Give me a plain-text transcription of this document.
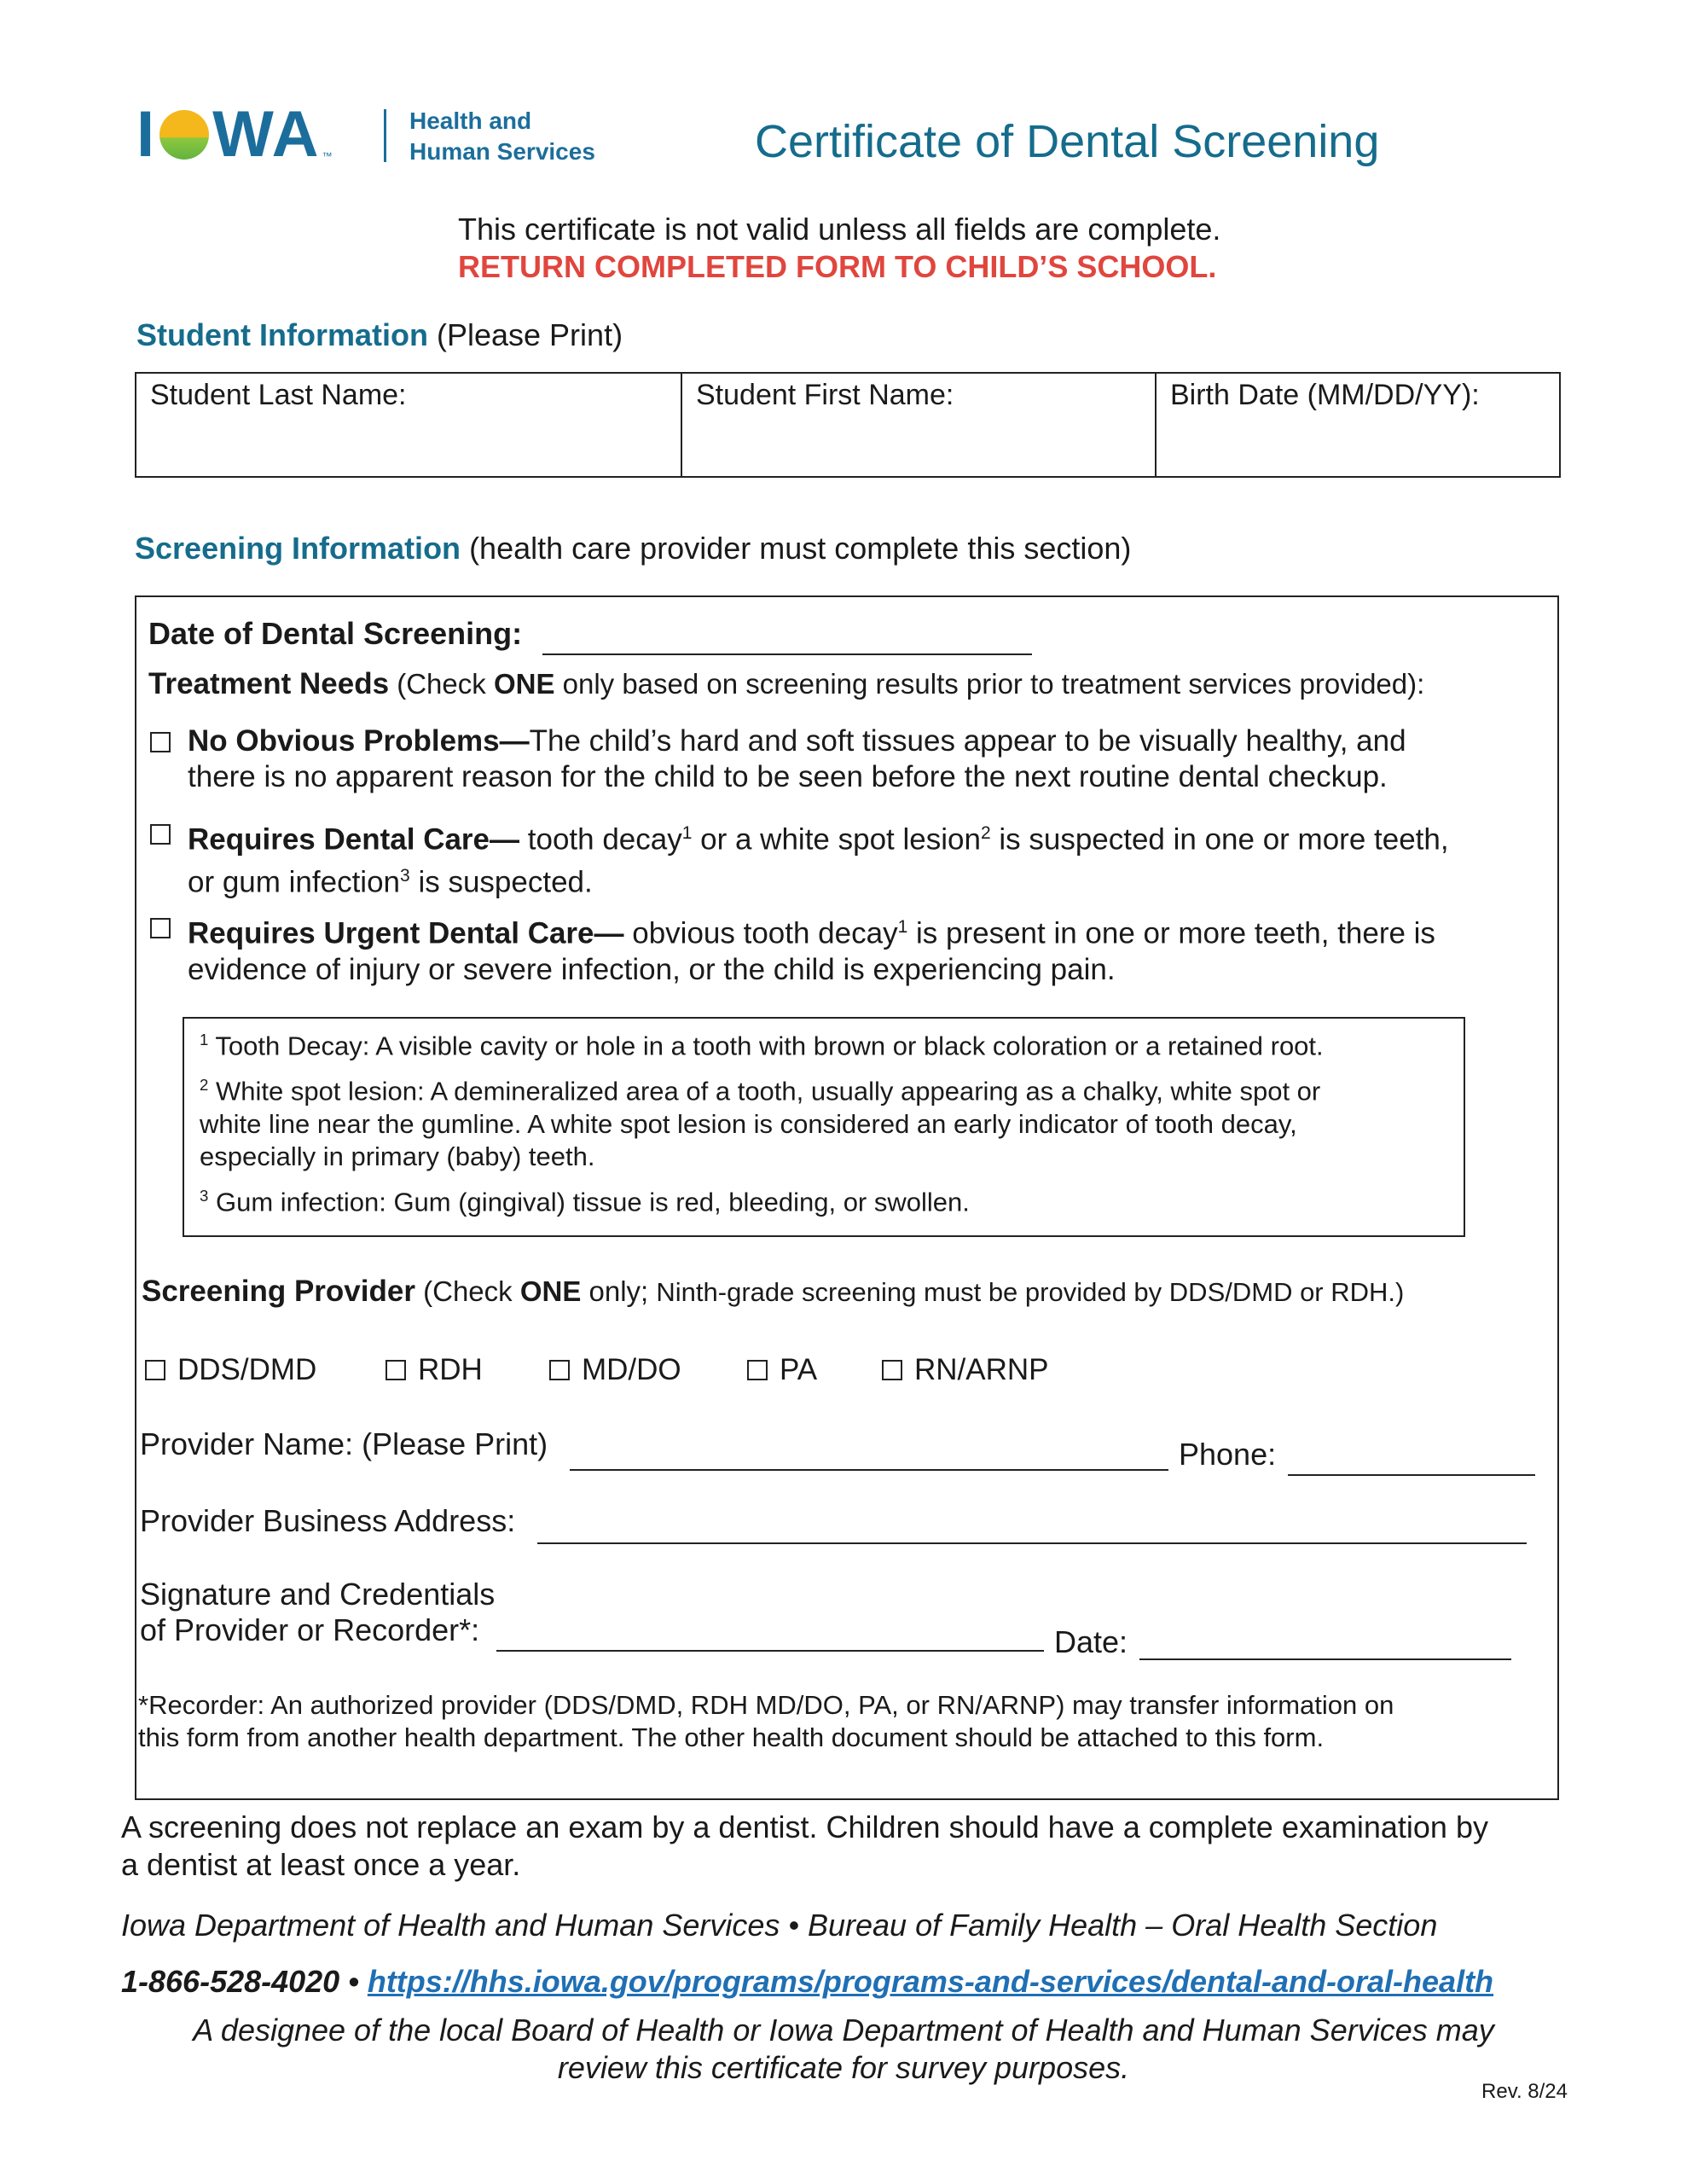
I WA ™
Health and
Human Services	Certificate of Dental Screening
This certificate is not valid unless all fields are complete.
RETURN COMPLETED FORM TO CHILD’S SCHOOL.
Student Information (Please Print)
Student Last Name:	Student First Name:	Birth Date (MM/DD/YY):
Screening Information (health care provider must complete this section)
Date of Dental Screening:
Treatment Needs (Check ONE only based on screening results prior to treatment services provided):
No Obvious Problems—The child’s hard and soft tissues appear to be visually healthy, and
there is no apparent reason for the child to be seen before the next routine dental checkup.
Requires Dental Care— tooth decay$^1$ or a white spot lesion$^2$ is suspected in one or more teeth,
or gum infection$^3$ is suspected.
Requires Urgent Dental Care— obvious tooth decay$^1$ is present in one or more teeth, there is
evidence of injury or severe infection, or the child is experiencing pain.

$^1$ Tooth Decay: A visible cavity or hole in a tooth with brown or black coloration or a retained root.

$^2$ White spot lesion: A demineralized area of a tooth, usually appearing as a chalky, white spot or
white line near the gumline. A white spot lesion is considered an early indicator of tooth decay,
especially in primary (baby) teeth.

$^3$ Gum infection: Gum (gingival) tissue is red, bleeding, or swollen.

Screening Provider (Check ONE only; Ninth-grade screening must be provided by DDS/DMD or RDH.)
DDS/DMD	RDH	MD/DO	PA	RN/ARNP
Provider Name: (Please Print)	Phone:
Provider Business Address:
Signature and Credentials
of Provider or Recorder*:	Date:
*Recorder: An authorized provider (DDS/DMD, RDH MD/DO, PA, or RN/ARNP) may transfer information on
this form from another health department. The other health document should be attached to this form.
A screening does not replace an exam by a dentist. Children should have a complete examination by
a dentist at least once a year.
Iowa Department of Health and Human Services • Bureau of Family Health – Oral Health Section
1-866-528-4020 • https://hhs.iowa.gov/programs/programs-and-services/dental-and-oral-health
A designee of the local Board of Health or Iowa Department of Health and Human Services may
review this certificate for survey purposes.
Rev. 8/24
